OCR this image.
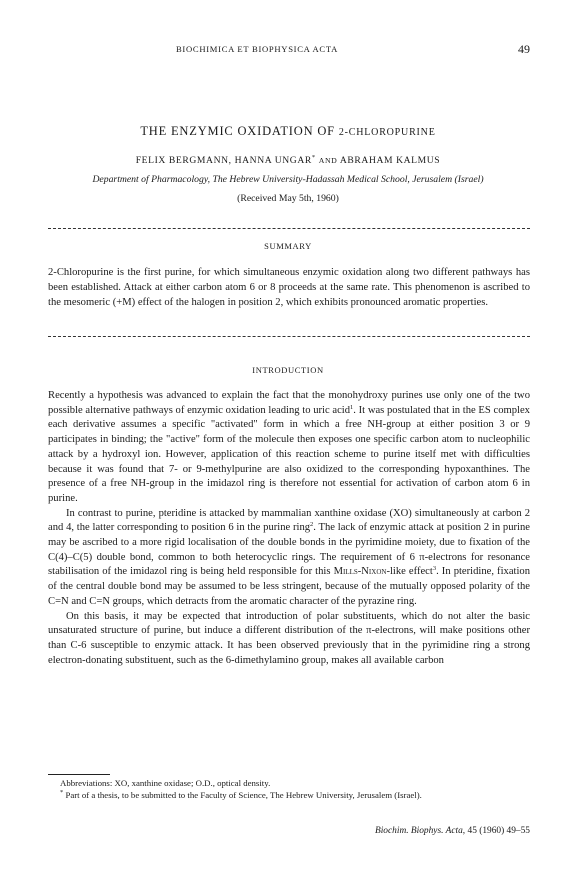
BIOCHIMICA ET BIOPHYSICA ACTA	49
THE ENZYMIC OXIDATION OF 2-CHLOROPURINE
FELIX BERGMANN, HANNA UNGAR* AND ABRAHAM KALMUS
Department of Pharmacology, The Hebrew University-Hadassah Medical School, Jerusalem (Israel)
(Received May 5th, 1960)
SUMMARY
2-Chloropurine is the first purine, for which simultaneous enzymic oxidation along two different pathways has been established. Attack at either carbon atom 6 or 8 proceeds at the same rate. This phenomenon is ascribed to the mesomeric (+M) effect of the halogen in position 2, which exhibits pronounced aromatic properties.
INTRODUCTION

Recently a hypothesis was advanced to explain the fact that the monohydroxy purines use only one of the two possible alternative pathways of enzymic oxidation leading to uric acid$^1$. It was postulated that in the ES complex each derivative assumes a specific "activated" form in which a free NH-group at either position 3 or 9 participates in binding; the "active" form of the molecule then exposes one specific carbon atom to nucleophilic attack by a hydroxyl ion. However, application of this reaction scheme to purine itself met with difficulties because it was found that 7- or 9-methylpurine are also oxidized to the corresponding hypoxanthines. The presence of a free NH-group in the imidazol ring is therefore not essential for activation of carbon atom 6 in purine.

In contrast to purine, pteridine is attacked by mammalian xanthine oxidase (XO) simultaneously at carbon 2 and 4, the latter corresponding to position 6 in the purine ring$^2$. The lack of enzymic attack at position 2 in purine may be ascribed to a more rigid localisation of the double bonds in the pyrimidine moiety, due to fixation of the C(4)–C(5) double bond, common to both heterocyclic rings. The requirement of 6 π-electrons for resonance stabilisation of the imidazol ring is being held responsible for this Mills-Nixon-like effect$^3$. In pteridine, fixation of the central double bond may be assumed to be less stringent, because of the mutually opposed polarity of the C=N and C=N groups, which detracts from the aromatic character of the pyrazine ring.

On this basis, it may be expected that introduction of polar substituents, which do not alter the basic unsaturated structure of purine, but induce a different distribution of the π-electrons, will make positions other than C-6 susceptible to enzymic attack. It has been observed previously that in the pyrimidine ring a strong electron-donating substituent, such as the 6-dimethylamino group, makes all available carbon

Abbreviations: XO, xanthine oxidase; O.D., optical density.

* Part of a thesis, to be submitted to the Faculty of Science, The Hebrew University, Jerusalem (Israel).

Biochim. Biophys. Acta, 45 (1960) 49–55
